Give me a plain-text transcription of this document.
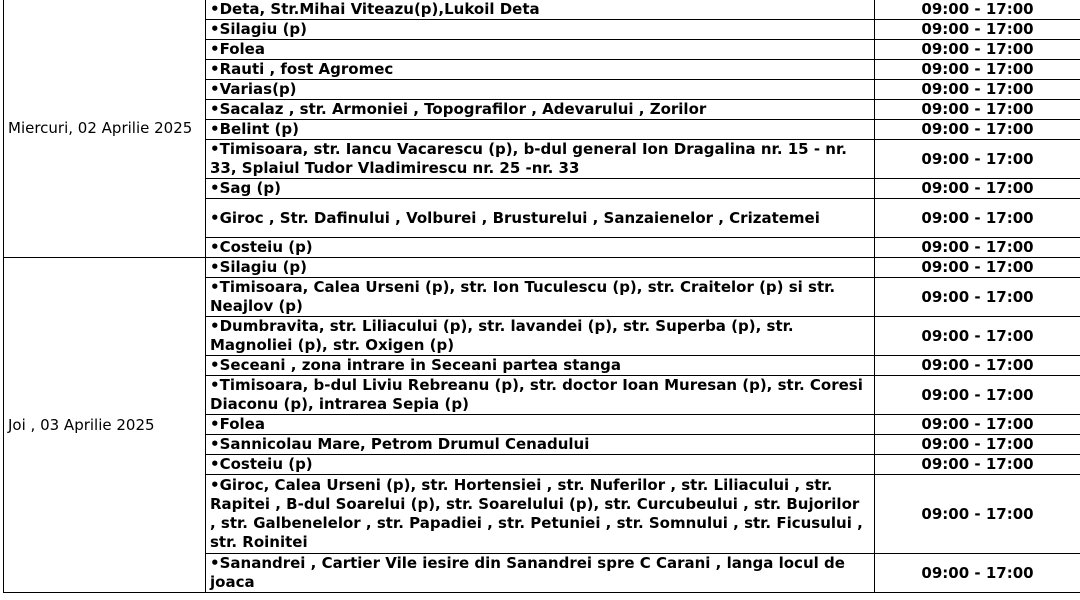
Miercuri, 02 Aprilie 2025	•Deta, Str.Mihai Viteazu(p),Lukoil Deta	09:00 - 17:00
	•Silagiu (p)	09:00 - 17:00
	•Folea	09:00 - 17:00
	•Rauti , fost Agromec	09:00 - 17:00
	•Varias(p)	09:00 - 17:00
	•Sacalaz , str. Armoniei , Topografilor , Adevarului , Zorilor	09:00 - 17:00
	•Belint (p)	09:00 - 17:00
	•Timisoara, str. Iancu Vacarescu (p), b-dul general Ion Dragalina nr. 15 - nr. 33, Splaiul Tudor Vladimirescu nr. 25 -nr. 33	09:00 - 17:00
	•Sag (p)	09:00 - 17:00
	•Giroc , Str. Dafinului , Volburei , Brusturelui , Sanzaienelor , Crizatemei	09:00 - 17:00
	•Costeiu (p)	09:00 - 17:00
Joi , 03 Aprilie 2025	•Silagiu (p)	09:00 - 17:00
	•Timisoara, Calea Urseni (p), str. Ion Tuculescu (p), str. Craitelor (p) si str. Neajlov (p)	09:00 - 17:00
	•Dumbravita, str. Liliacului (p), str. lavandei (p), str. Superba (p), str. Magnoliei (p), str. Oxigen (p)	09:00 - 17:00
	•Seceani , zona intrare in Seceani partea stanga	09:00 - 17:00
	•Timisoara, b-dul Liviu Rebreanu (p), str. doctor Ioan Muresan (p), str. Coresi Diaconu (p), intrarea Sepia (p)	09:00 - 17:00
	•Folea	09:00 - 17:00
	•Sannicolau Mare, Petrom Drumul Cenadului	09:00 - 17:00
	•Costeiu (p)	09:00 - 17:00
	•Giroc, Calea Urseni (p), str. Hortensiei , str. Nuferilor , str. Liliacului , str. Rapitei , B-dul Soarelui (p), str. Soarelului (p), str. Curcubeului , str. Bujorilor , str. Galbenelelor , str. Papadiei , str. Petuniei , str. Somnului , str. Ficusului , str. Roinitei	09:00 - 17:00
	•Sanandrei , Cartier Vile iesire din Sanandrei spre C Carani , langa locul de joaca	09:00 - 17:00
